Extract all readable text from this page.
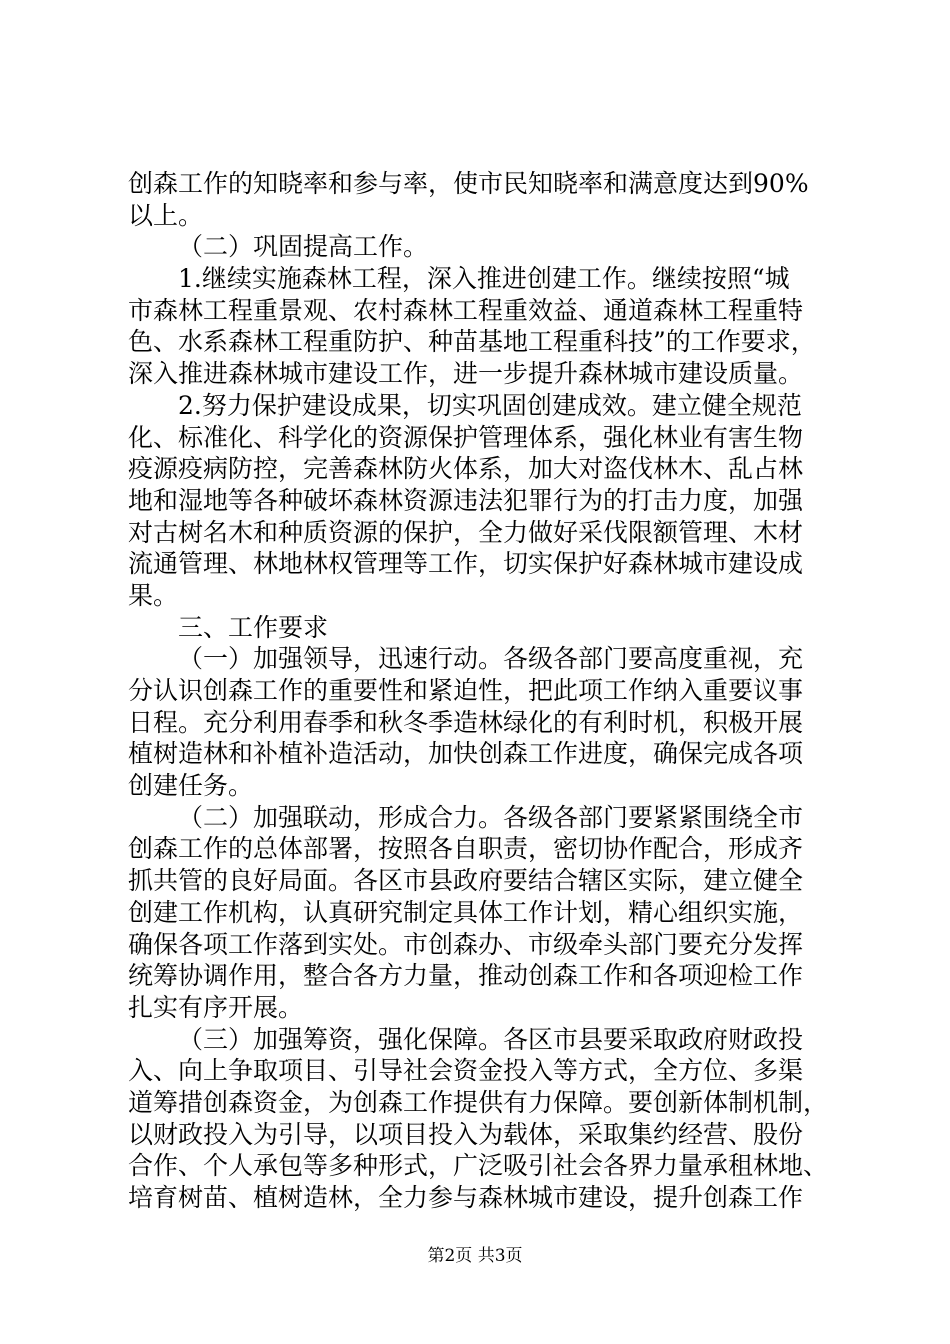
创森工作的知晓率和参与率，使市民知晓率和满意度达到90%
以上。
（二）巩固提高工作。
1.继续实施森林工程，深入推进创建工作。继续按照“城
市森林工程重景观、农村森林工程重效益、通道森林工程重特
色、水系森林工程重防护、种苗基地工程重科技”的工作要求，
深入推进森林城市建设工作，进一步提升森林城市建设质量。
2.努力保护建设成果，切实巩固创建成效。建立健全规范
化、标准化、科学化的资源保护管理体系，强化林业有害生物
疫源疫病防控，完善森林防火体系，加大对盗伐林木、乱占林
地和湿地等各种破坏森林资源违法犯罪行为的打击力度，加强
对古树名木和种质资源的保护，全力做好采伐限额管理、木材
流通管理、林地林权管理等工作，切实保护好森林城市建设成
果。
三、工作要求
（一）加强领导，迅速行动。各级各部门要高度重视，充
分认识创森工作的重要性和紧迫性，把此项工作纳入重要议事
日程。充分利用春季和秋冬季造林绿化的有利时机，积极开展
植树造林和补植补造活动，加快创森工作进度，确保完成各项
创建任务。
（二）加强联动，形成合力。各级各部门要紧紧围绕全市
创森工作的总体部署，按照各自职责，密切协作配合，形成齐
抓共管的良好局面。各区市县政府要结合辖区实际，建立健全
创建工作机构，认真研究制定具体工作计划，精心组织实施，
确保各项工作落到实处。市创森办、市级牵头部门要充分发挥
统筹协调作用，整合各方力量，推动创森工作和各项迎检工作
扎实有序开展。
（三）加强筹资，强化保障。各区市县要采取政府财政投
入、向上争取项目、引导社会资金投入等方式，全方位、多渠
道筹措创森资金，为创森工作提供有力保障。要创新体制机制，
以财政投入为引导，以项目投入为载体，采取集约经营、股份
合作、个人承包等多种形式，广泛吸引社会各界力量承租林地、
培育树苗、植树造林，全力参与森林城市建设，提升创森工作
第2页 共3页
